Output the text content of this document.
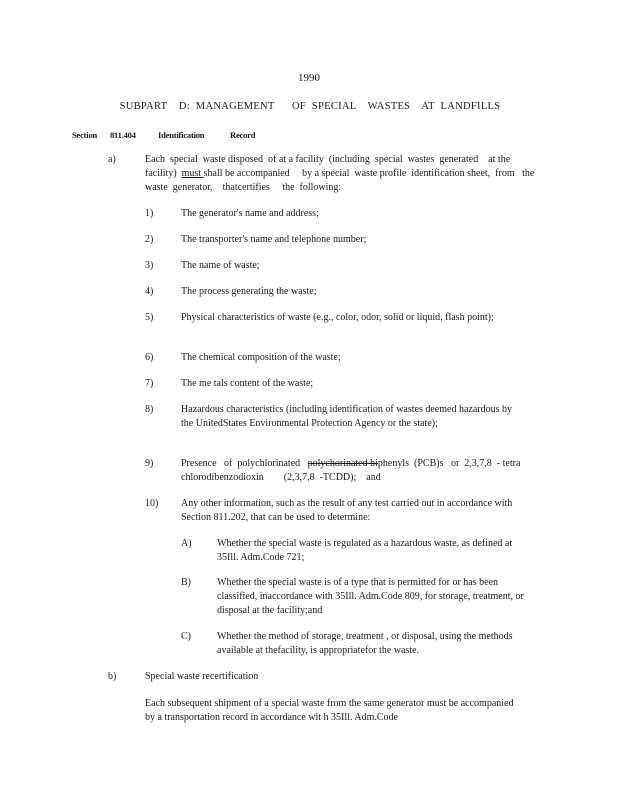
1990
SUBPART    D:  MANAGEMENT      OF  SPECIAL    WASTES    AT  LANDFILLS
Section 811.404	Identification	Record
a)	Each  special  waste disposed  of at a facility  (including  special  wastes  generated    at the facility)  must shall be accompanied     by a special  waste profile  identification sheet,  from   the  waste  generator,    thatcertifies     the  following:
1)	The generator's name and address;
2)	The transporter's name and telephone number;
3)	The name of waste;
4)	The process generating the waste;
5)	Physical characteristics of waste (e.g., color, odor, solid or liquid, flash point);
6)	The chemical composition of the waste;
7)	The me tals content of the waste;
8)	Hazardous characteristics (including identification of wastes deemed hazardous by the UnitedStates Environmental Protection Agency or the state);
9)	Presence   of  polychlorinated   polychorinated biphenyls  (PCB)s   or  2,3,7,8  - tetra  chlorodibenzodioxin        (2,3,7,8  -TCDD);    and
10) Any other information, such as the result of any test carried out in accordance with Section 811.202, that can be used to determine:
A)	Whether the special waste is regulated as a hazardous waste, as defined at 35Ill. Adm.Code 721;
B)	Whether the special waste is of a type that is permitted for or has been classified, inaccordance with 35Ill. Adm.Code 809, for storage, treatment, or disposal at the facility;and
C)	Whether the method of storage, treatment , or disposal, using the methods available at thefacility, is appropriatefor the waste.
b)	Special waste recertification
Each subsequent shipment of a special waste from the same generator must be accompanied by a transportation record in accordance wit h 35Ill. Adm.Code
